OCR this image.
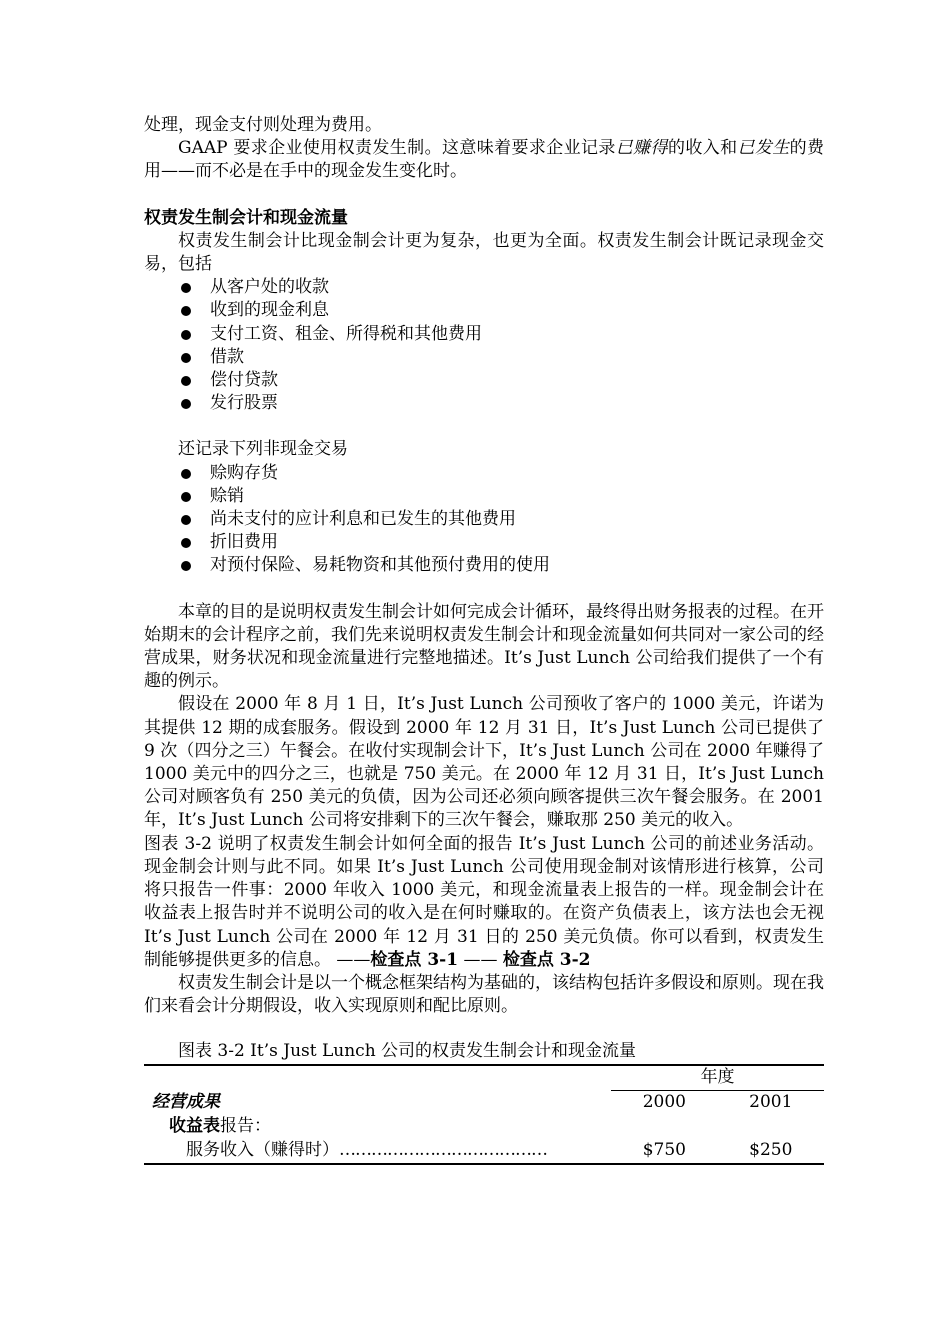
处理，现金支付则处理为费用。

GAAP 要求企业使用权责发生制。这意味着要求企业记录已赚得的收入和已发生的费用——而不必是在手中的现金发生变化时。

权责发生制会计和现金流量

权责发生制会计比现金制会计更为复杂，也更为全面。权责发生制会计既记录现金交易，包括

从客户处的收款
收到的现金利息
支付工资、租金、所得税和其他费用
借款
偿付贷款
发行股票

还记录下列非现金交易

赊购存货
赊销
尚未支付的应计利息和已发生的其他费用
折旧费用
对预付保险、易耗物资和其他预付费用的使用

本章的目的是说明权责发生制会计如何完成会计循环，最终得出财务报表的过程。在开始期末的会计程序之前，我们先来说明权责发生制会计和现金流量如何共同对一家公司的经营成果，财务状况和现金流量进行完整地描述。It’s Just Lunch 公司给我们提供了一个有趣的例示。

假设在 2000 年 8 月 1 日，It’s Just Lunch 公司预收了客户的 1000 美元，许诺为其提供 12 期的成套服务。假设到 2000 年 12 月 31 日，It’s Just Lunch 公司已提供了 9 次（四分之三）午餐会。在收付实现制会计下，It’s Just Lunch 公司在 2000 年赚得了 1000 美元中的四分之三，也就是 750 美元。在 2000 年 12 月 31 日，It’s Just Lunch 公司对顾客负有 250 美元的负债，因为公司还必须向顾客提供三次午餐会服务。在 2001 年，It’s Just Lunch 公司将安排剩下的三次午餐会，赚取那 250 美元的收入。

图表 3-2 说明了权责发生制会计如何全面的报告 It’s Just Lunch 公司的前述业务活动。现金制会计则与此不同。如果 It’s Just Lunch 公司使用现金制对该情形进行核算，公司将只报告一件事：2000 年收入 1000 美元，和现金流量表上报告的一样。现金制会计在收益表上报告时并不说明公司的收入是在何时赚取的。在资产负债表上，该方法也会无视 It’s Just Lunch 公司在 2000 年 12 月 31 日的 250 美元负债。你可以看到，权责发生制能够提供更多的信息。 ——检查点 3-1 —— 检查点 3-2

权责发生制会计是以一个概念框架结构为基础的，该结构包括许多假设和原则。现在我们来看会计分期假设，收入实现原则和配比原则。

图表 3-2 It’s Just Lunch 公司的权责发生制会计和现金流量

	年度	
经营成果	2000	2001
收益表报告：		
服务收入（赚得时）…………………………………	$750	$250
